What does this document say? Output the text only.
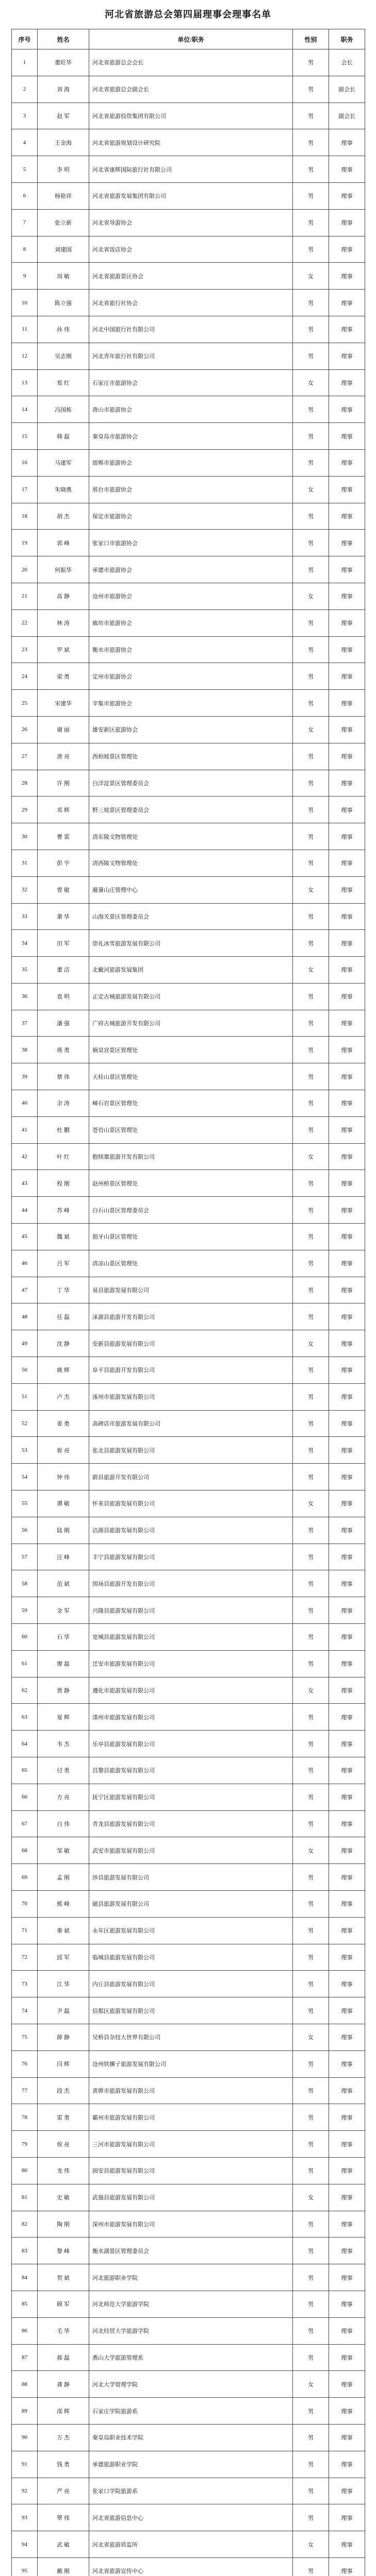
河北省旅游总会第四届理事会理事名单
序号	姓名	单位/职务	性别	职务
1	董旺华	河北省旅游总会会长	男	会长
2	刘 海	河北省旅游总会副会长	男	副会长
3	赵 军	河北省旅游投资集团有限公司	男	副会长
4	王金海	河北省旅游规划设计研究院	男	理事
5	李 明	河北省康辉国际旅行社有限公司	男	理事
6	杨艳祥	河北省旅游发展集团有限公司	男	理事
7	张立新	河北省导游协会	男	理事
8	刘建国	河北省饭店协会	男	理事
9	周 敏	河北省旅游景区协会	女	理事
10	陈立强	河北省旅行社协会	男	理事
11	孙 伟	河北中国旅行社有限公司	男	理事
12	吴志刚	河北青年旅行社有限公司	男	理事
13	郑 红	石家庄市旅游协会	女	理事
14	冯国栋	唐山市旅游协会	男	理事
15	韩 磊	秦皇岛市旅游协会	男	理事
16	马建军	邯郸市旅游协会	男	理事
17	朱晓燕	邢台市旅游协会	女	理事
18	胡 杰	保定市旅游协会	男	理事
19	郭 峰	张家口市旅游协会	男	理事
20	何振华	承德市旅游协会	男	理事
21	高 静	沧州市旅游协会	女	理事
22	林 涛	廊坊市旅游协会	男	理事
23	罗 斌	衡水市旅游协会	男	理事
24	梁 勇	定州市旅游协会	男	理事
25	宋建华	辛集市旅游协会	男	理事
26	谢 丽	雄安新区旅游协会	女	理事
27	唐 亮	西柏坡景区管理处	男	理事
28	许 刚	白洋淀景区管理委员会	男	理事
29	邓 辉	野三坡景区管理委员会	男	理事
30	曹 雷	清东陵文物管理处	男	理事
31	彭 宇	清西陵文物管理处	男	理事
32	曾 敏	避暑山庄管理中心	女	理事
33	萧 华	山海关景区管理委员会	男	理事
34	田 军	崇礼冰雪旅游发展有限公司	男	理事
35	董 洁	北戴河旅游发展集团	女	理事
36	袁 明	正定古城旅游发展有限公司	男	理事
37	潘 强	广府古城旅游开发有限公司	男	理事
38	蒋 勇	娲皇宫景区管理处	男	理事
39	蔡 伟	天桂山景区管理处	男	理事
40	余 涛	嶂石岩景区管理处	男	理事
41	杜 鹏	苍岩山景区管理处	男	理事
42	叶 红	抱犊寨旅游开发有限公司	女	理事
43	程 刚	赵州桥景区管理处	男	理事
44	苏 峰	白石山景区管理委员会	男	理事
45	魏 斌	狼牙山景区管理处	男	理事
46	吕 军	清凉山景区管理处	男	理事
47	丁 华	易县旅游发展有限公司	男	理事
48	任 磊	涞源县旅游开发有限公司	男	理事
49	沈 静	安新县旅游发展有限公司	女	理事
50	姚 辉	阜平县旅游开发有限公司	男	理事
51	卢 杰	涿州市旅游发展有限公司	男	理事
52	姜 勇	高碑店市旅游发展有限公司	男	理事
53	崔 亮	张北县旅游发展有限公司	男	理事
54	钟 伟	蔚县旅游开发有限公司	男	理事
55	谭 敏	怀来县旅游发展有限公司	女	理事
56	陆 刚	沽源县旅游发展有限公司	男	理事
57	汪 峰	丰宁县旅游发展有限公司	男	理事
58	范 斌	围场县旅游开发有限公司	男	理事
59	金 军	兴隆县旅游发展有限公司	男	理事
60	石 华	宽城县旅游发展有限公司	男	理事
61	廖 磊	迁安市旅游发展有限公司	男	理事
62	贾 静	遵化市旅游发展有限公司	女	理事
63	夏 辉	滦州市旅游发展有限公司	男	理事
64	韦 杰	乐亭县旅游发展有限公司	男	理事
65	付 勇	昌黎县旅游发展有限公司	男	理事
66	方 亮	抚宁区旅游发展有限公司	男	理事
67	白 伟	青龙县旅游发展有限公司	男	理事
68	邹 敏	武安市旅游发展有限公司	女	理事
69	孟 刚	涉县旅游发展有限公司	男	理事
70	熊 峰	磁县旅游发展有限公司	男	理事
71	秦 斌	永年区旅游发展有限公司	男	理事
72	邱 军	临城县旅游发展有限公司	男	理事
73	江 华	内丘县旅游发展有限公司	男	理事
74	尹 磊	信都区旅游发展有限公司	男	理事
75	薛 静	吴桥县杂技大世界有限公司	女	理事
76	闫 辉	沧州铁狮子旅游发展有限公司	男	理事
77	段 杰	黄骅市旅游发展有限公司	男	理事
78	雷 勇	霸州市旅游发展有限公司	男	理事
79	侯 亮	三河市旅游发展有限公司	男	理事
80	龙 伟	固安县旅游发展有限公司	男	理事
81	史 敏	武强县旅游发展有限公司	女	理事
82	陶 刚	深州市旅游发展有限公司	男	理事
83	黎 峰	衡水湖景区管理委员会	男	理事
84	贺 斌	河北旅游职业学院	男	理事
85	顾 军	河北师范大学旅游学院	男	理事
86	毛 华	河北经贸大学旅游学院	男	理事
87	郝 磊	燕山大学旅游管理系	男	理事
88	龚 静	河北大学管理学院	女	理事
89	邵 辉	石家庄学院旅游系	男	理事
90	万 杰	秦皇岛职业技术学院	男	理事
91	钱 勇	承德旅游职业学院	男	理事
92	严 亮	张家口学院旅游系	男	理事
93	覃 伟	河北省旅游信息中心	男	理事
94	武 敏	河北省旅游质监所	女	理事
95	戴 刚	河北省旅游宣传中心	男	理事
